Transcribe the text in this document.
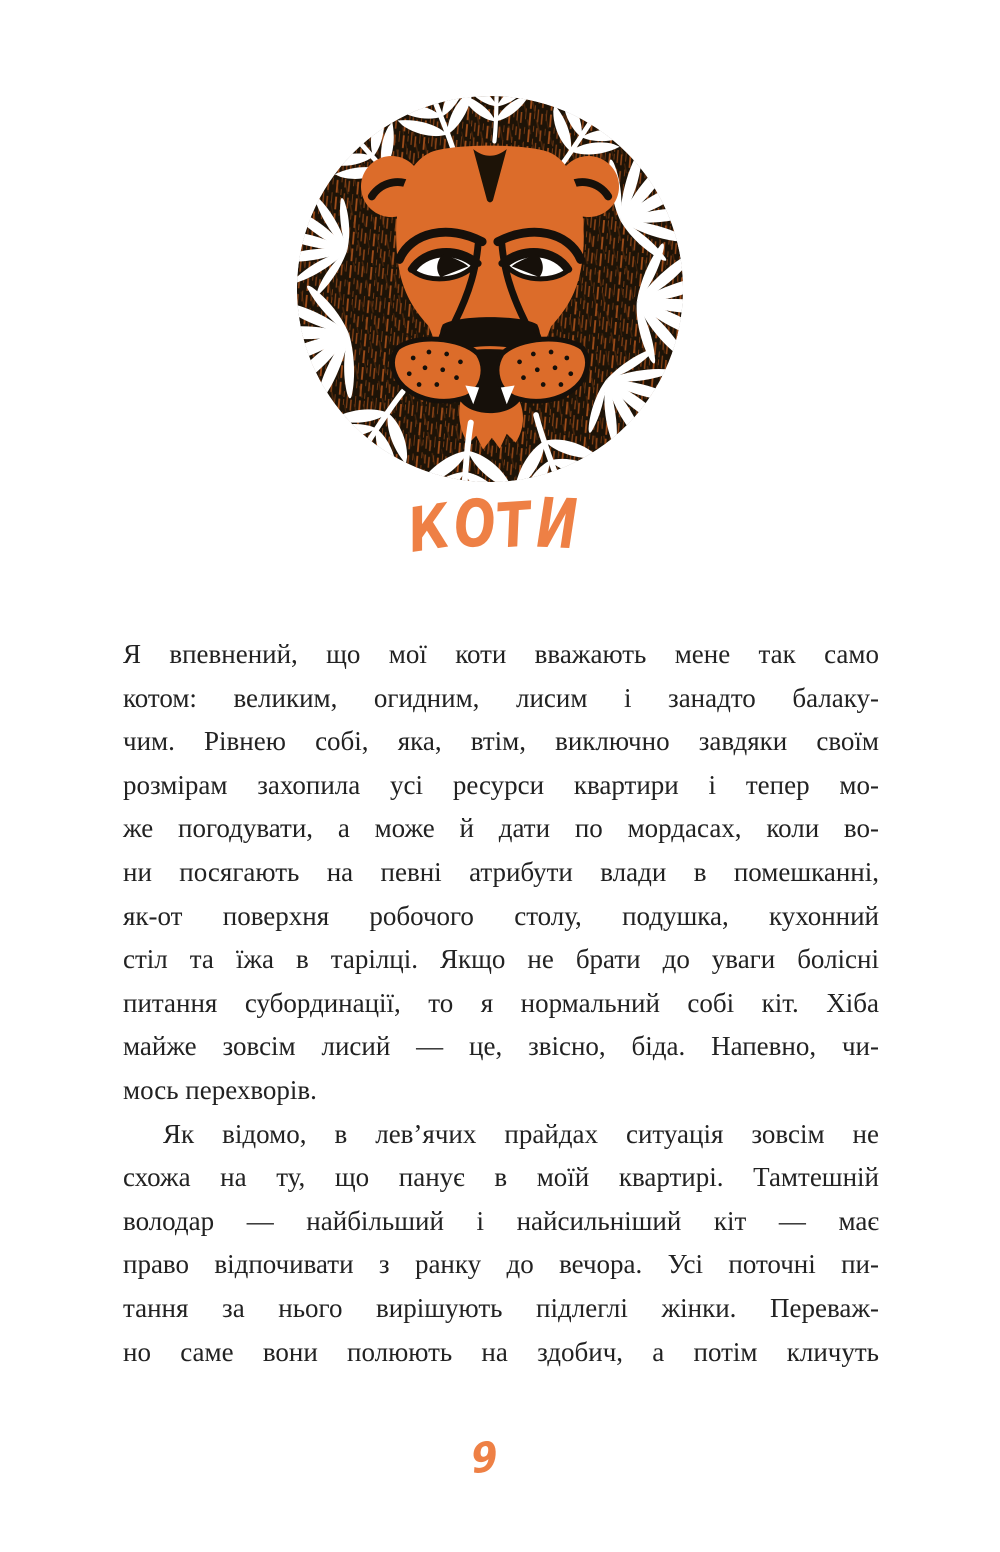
КОТИ
Я впевнений, що мої коти вважають мене так само
котом: великим, огидним, лисим і занадто балаку-
чим. Рівнею собі, яка, втім, виключно завдяки своїм
розмірам захопила усі ресурси квартири і тепер мо-
же погодувати, а може й дати по мордасах, коли во-
ни посягають на певні атрибути влади в помешканні,
як-от поверхня робочого столу, подушка, кухонний
стіл та їжа в тарілці. Якщо не брати до уваги болісні
питання субординації, то я нормальний собі кіт. Хіба
майже зовсім лисий — це, звісно, біда. Напевно, чи-
мось перехворів.
Як відомо, в лев’ячих прайдах ситуація зовсім не
схожа на ту, що панує в моїй квартирі. Тамтешній
володар — найбільший і найсильніший кіт — має
право відпочивати з ранку до вечора. Усі поточні пи-
тання за нього вирішують підлеглі жінки. Переваж-
но саме вони полюють на здобич, а потім кличуть
9
